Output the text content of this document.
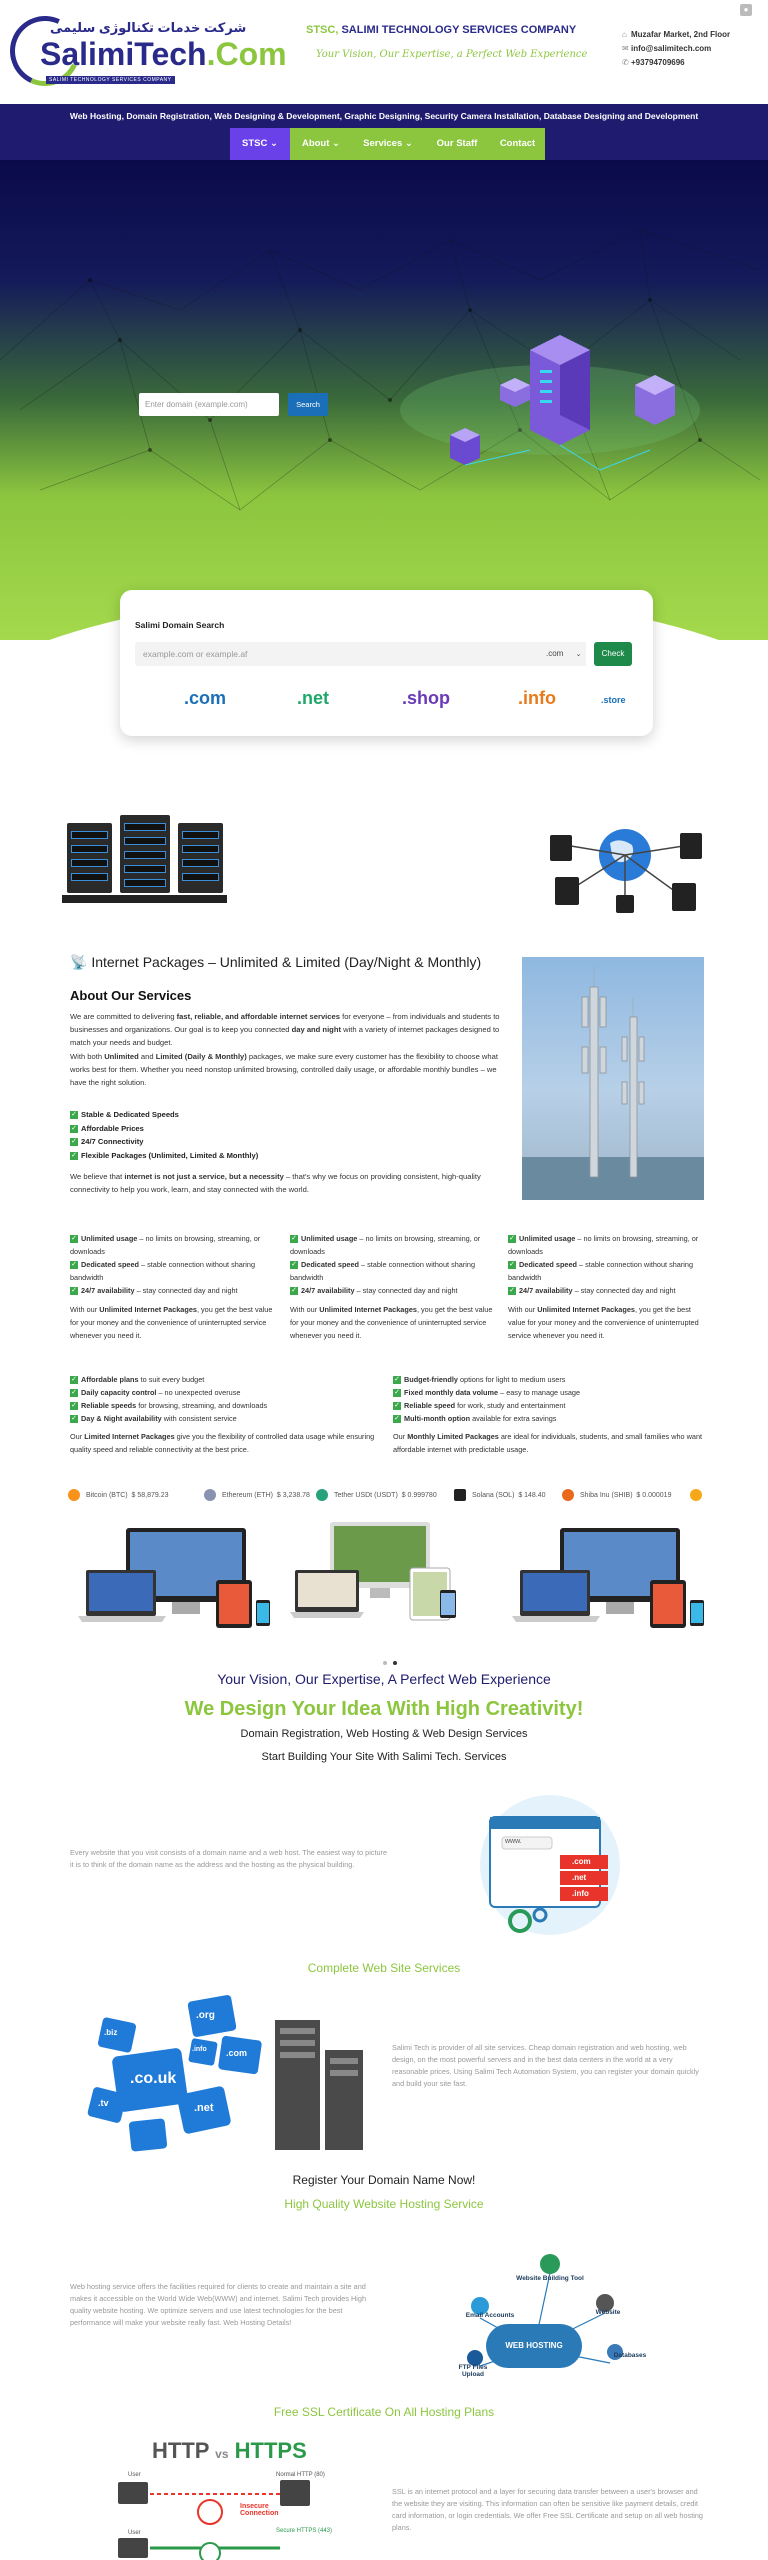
شرکت خدمات تکنالوژی سلیمی
SalimiTech.Com
SALIMI TECHNOLOGY SERVICES COMPANY
STSC, SALIMI TECHNOLOGY SERVICES COMPANY
Your Vision, Our Expertise, a Perfect Web Experience
⌂ Muzafar Market, 2nd Floor
✉ info@salimitech.com
✆ +93794709696
●
Web Hosting, Domain Registration, Web Designing & Development, Graphic Designing, Security Camera Installation, Database Designing and Development
STSC ⌄	About ⌄	Services ⌄	Our Staff	Contact
Enter domain (example.com)	Search
Salimi Domain Search
example.com or example.af	.com ⌄	Check
.com	.net	.shop	.info	.store
📡 Internet Packages – Unlimited & Limited (Day/Night & Monthly)
About Our Services
We are committed to delivering fast, reliable, and affordable internet services for everyone – from individuals and students to businesses and organizations. Our goal is to keep you connected day and night with a variety of internet packages designed to match your needs and budget.
With both Unlimited and Limited (Daily & Monthly) packages, we make sure every customer has the flexibility to choose what works best for them. Whether you need nonstop unlimited browsing, controlled daily usage, or affordable monthly bundles – we have the right solution.
✓ Stable & Dedicated Speeds
✓ Affordable Prices
✓ 24/7 Connectivity
✓ Flexible Packages (Unlimited, Limited & Monthly)
We believe that internet is not just a service, but a necessity – that's why we focus on providing consistent, high-quality connectivity to help you work, learn, and stay connected with the world.
✓ Unlimited usage – no limits on browsing, streaming, or downloads
✓ Dedicated speed – stable connection without sharing bandwidth
✓ 24/7 availability – stay connected day and night
With our Unlimited Internet Packages, you get the best value for your money and the convenience of uninterrupted service whenever you need it.
✓ Unlimited usage – no limits on browsing, streaming, or downloads
✓ Dedicated speed – stable connection without sharing bandwidth
✓ 24/7 availability – stay connected day and night
With our Unlimited Internet Packages, you get the best value for your money and the convenience of uninterrupted service whenever you need it.
✓ Unlimited usage – no limits on browsing, streaming, or downloads
✓ Dedicated speed – stable connection without sharing bandwidth
✓ 24/7 availability – stay connected day and night
With our Unlimited Internet Packages, you get the best value for your money and the convenience of uninterrupted service whenever you need it.
✓ Affordable plans to suit every budget
✓ Daily capacity control – no unexpected overuse
✓ Reliable speeds for browsing, streaming, and downloads
✓ Day & Night availability with consistent service
Our Limited Internet Packages give you the flexibility of controlled data usage while ensuring quality speed and reliable connectivity at the best price.
✓ Budget-friendly options for light to medium users
✓ Fixed monthly data volume – easy to manage usage
✓ Reliable speed for work, study and entertainment
✓ Multi-month option available for extra savings
Our Monthly Limited Packages are ideal for individuals, students, and small families who want affordable internet with predictable usage.
Bitcoin (BTC) $ 58,879.23	Ethereum (ETH) $ 3,238.78	Tether USDt (USDT) $ 0.999780	Solana (SOL) $ 148.40	Shiba Inu (SHIB) $ 0.000019
Your Vision, Our Expertise, A Perfect Web Experience
We Design Your Idea With High Creativity!
Domain Registration, Web Hosting & Web Design Services
Start Building Your Site With Salimi Tech. Services
Every website that you visit consists of a domain name and a web host. The easiest way to picture it is to think of the domain name as the address and the hosting as the physical building.
www.
.com
.net
.info
Complete Web Site Services
.org
.co.uk
.com
.net
.tv
.biz
.info	Salimi Tech is provider of all site services. Cheap domain registration and web hosting, web design, on the most powerful servers and in the best data centers in the world at a very reasonable prices. Using Salimi Tech Automation System, you can register your domain quickly and build your site fast.
Register Your Domain Name Now!
High Quality Website Hosting Service
Web hosting service offers the facilities required for clients to create and maintain a site and makes it accessible on the World Wide Web(WWW) and internet. Salimi Tech provides High quality website hosting. We optimize servers and use latest technologies for the best performance will make your website really fast. Web Hosting Details!
WEB HOSTING
Website Building Tool
Email Accounts	Website
FTP Files Upload
Databases
Free SSL Certificate On All Hosting Plans
HTTP vs HTTPS
User	Normal HTTP (80)
Insecure Connection
User	Secure HTTPS (443)
SSL is an internet protocol and a layer for securing data transfer between a user's browser and the website they are visiting. This information can often be sensitive like payment details, credit card information, or login credentials. We offer Free SSL Certificate and setup on all web hosting plans.
